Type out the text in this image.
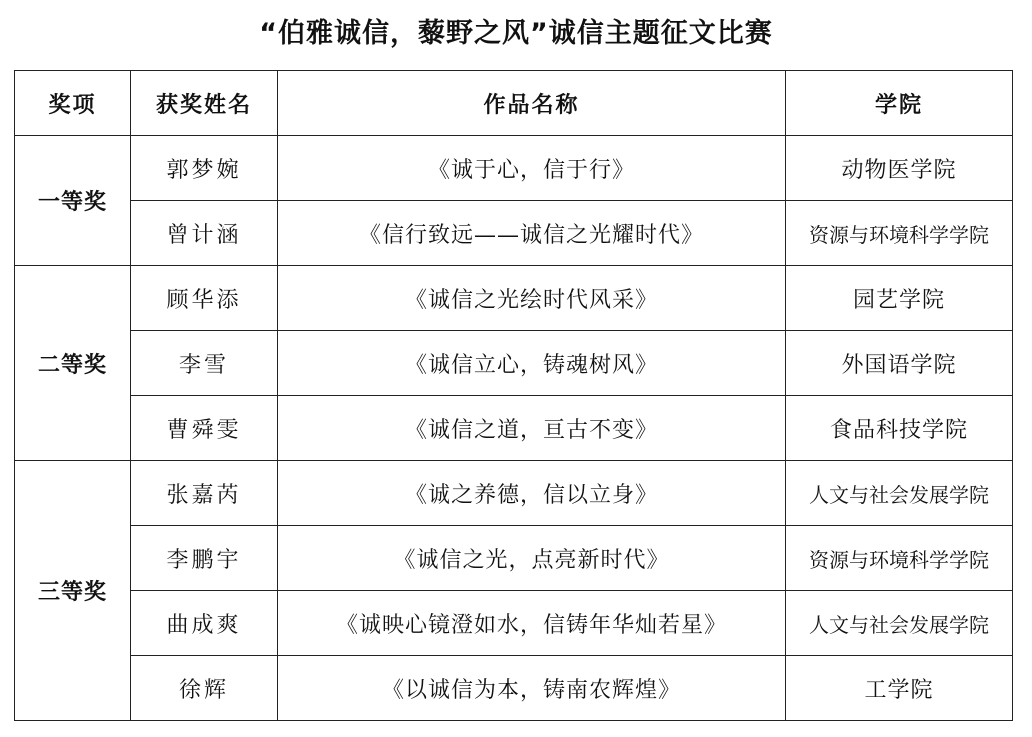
“伯雅诚信，藜野之风”诚信主题征文比赛
奖项	获奖姓名	作品名称	学院
一等奖	郭梦婉	《诚于心，信于行》	动物医学院
	曾计涵	《信行致远——诚信之光耀时代》	资源与环境科学学院
二等奖	顾华添	《诚信之光绘时代风采》	园艺学院
	李雪	《诚信立心，铸魂树风》	外国语学院
	曹舜雯	《诚信之道，亘古不变》	食品科技学院
三等奖	张嘉芮	《诚之养德，信以立身》	人文与社会发展学院
	李鹏宇	《诚信之光，点亮新时代》	资源与环境科学学院
	曲成爽	《诚映心镜澄如水，信铸年华灿若星》	人文与社会发展学院
	徐辉	《以诚信为本，铸南农辉煌》	工学院
